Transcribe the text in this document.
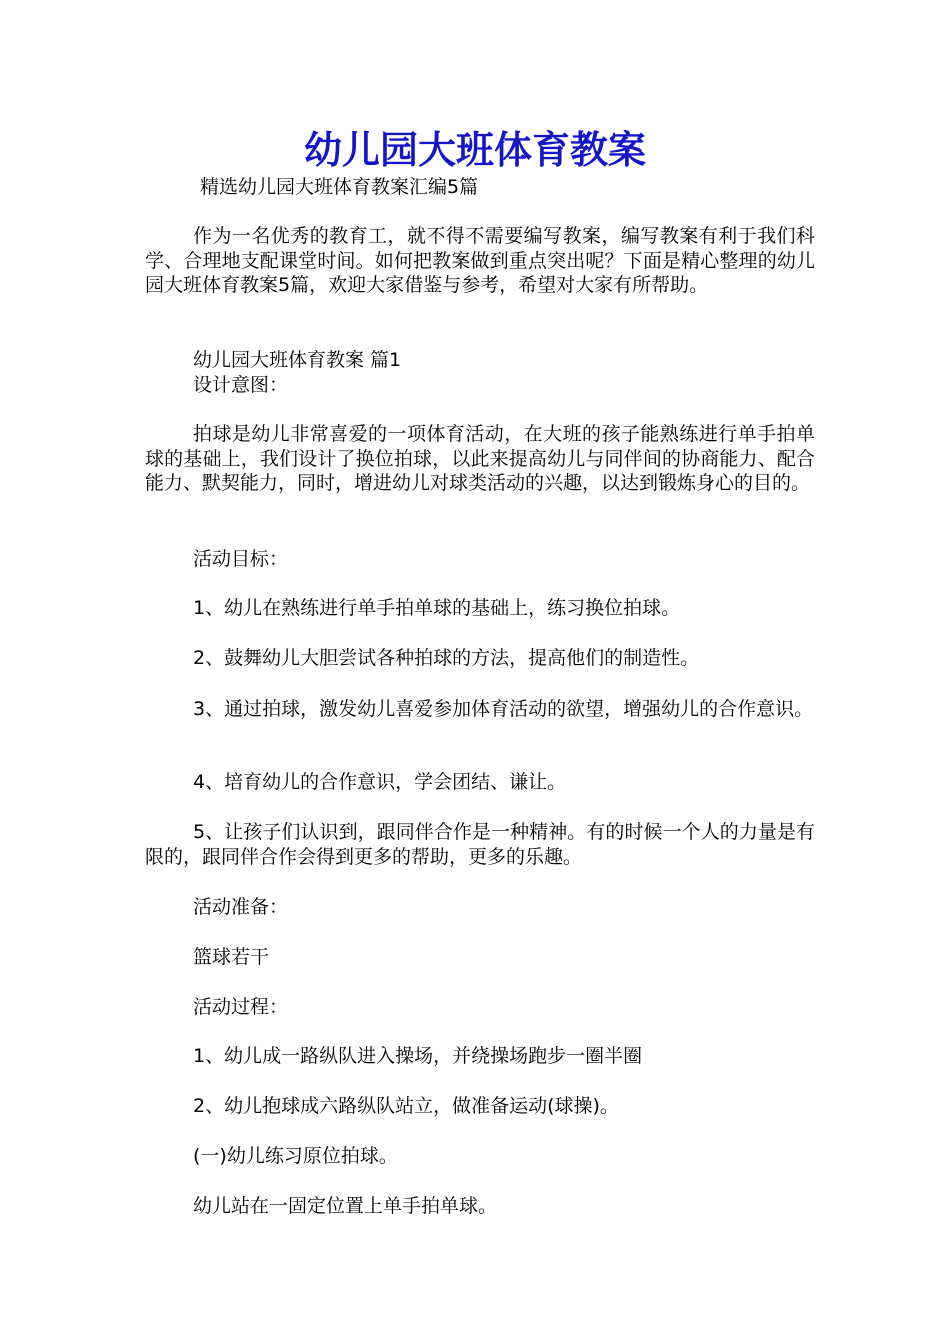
幼儿园大班体育教案

精选幼儿园大班体育教案汇编5篇

作为一名优秀的教育工，就不得不需要编写教案，编写教案有利于我们科学、合理地支配课堂时间。如何把教案做到重点突出呢？下面是精心整理的幼儿园大班体育教案5篇，欢迎大家借鉴与参考，希望对大家有所帮助。

幼儿园大班体育教案 篇1

设计意图：

拍球是幼儿非常喜爱的一项体育活动，在大班的孩子能熟练进行单手拍单球的基础上，我们设计了换位拍球，以此来提高幼儿与同伴间的协商能力、配合能力、默契能力，同时，增进幼儿对球类活动的兴趣，以达到锻炼身心的目的。

活动目标：

1、幼儿在熟练进行单手拍单球的基础上，练习换位拍球。

2、鼓舞幼儿大胆尝试各种拍球的方法，提高他们的制造性。

3、通过拍球，激发幼儿喜爱参加体育活动的欲望，增强幼儿的合作意识。

4、培育幼儿的合作意识，学会团结、谦让。

5、让孩子们认识到，跟同伴合作是一种精神。有的时候一个人的力量是有限的，跟同伴合作会得到更多的帮助，更多的乐趣。

活动准备：

篮球若干

活动过程：

1、幼儿成一路纵队进入操场，并绕操场跑步一圈半圈

2、幼儿抱球成六路纵队站立，做准备运动(球操)。

(一)幼儿练习原位拍球。

幼儿站在一固定位置上单手拍单球。
